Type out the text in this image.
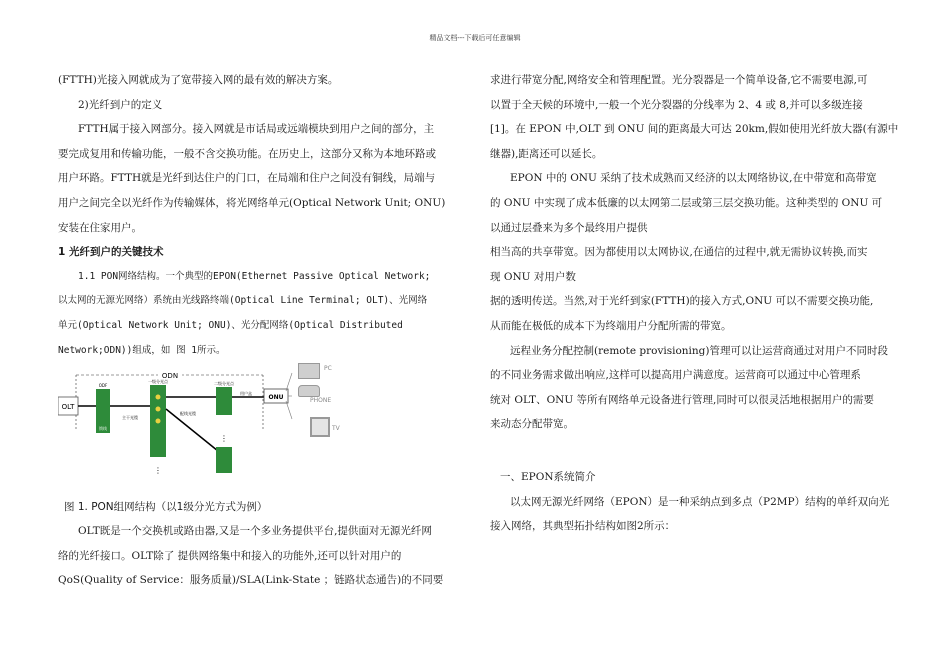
精品文档---下载后可任意编辑

(FTTH)光接入网就成为了宽带接入网的最有效的解决方案。

2)光纤到户的定义

FTTH属于接入网部分。接入网就是市话局或远端模块到用户之间的部分，主

要完成复用和传输功能，一般不含交换功能。在历史上，这部分又称为本地环路或

用户环路。FTTH就是光纤到达住户的门口，在局端和住户之间没有铜线，局端与

用户之间完全以光纤作为传输媒体，将光网络单元(Optical Network Unit; ONU)

安装在住家用户。

1 光纤到户的关键技术

1.1 PON网络结构。一个典型的EPON(Ethernet Passive Optical Network;

以太网的无源光网络）系统由光线路终端(Optical Line Terminal; OLT)、光网络

单元(Optical Network Unit; ONU)、光分配网络(Optical Distributed

Network;ODN))组成，如 图 1所示。

ODN
OLT
ODF
馈线
主干光缆
一级分光点
⋮
配线光缆
二级分光点
⋮
用户盒
ONU
PC
PHONE
TV
图 1. PON组网结构（以1级分光方式为例）

OLT既是一个交换机或路由器,又是一个多业务提供平台,提供面对无源光纤网

络的光纤接口。OLT除了 提供网络集中和接入的功能外,还可以针对用户的

QoS(Quality of Service：服务质量)/SLA(Link-State ；链路状态通告)的不同要

求进行带宽分配,网络安全和管理配置。光分裂器是一个简单设备,它不需要电源,可

以置于全天候的环境中,一般一个光分裂器的分线率为 2、4 或 8,并可以多级连接

[1]。在 EPON 中,OLT 到 ONU 间的距离最大可达 20km,假如使用光纤放大器(有源中

继器),距离还可以延长。

EPON 中的 ONU 采纳了技术成熟而又经济的以太网络协议,在中带宽和高带宽

的 ONU 中实现了成本低廉的以太网第二层或第三层交换功能。这种类型的 ONU 可

以通过层叠来为多个最终用户提供

相当高的共享带宽。因为都使用以太网协议,在通信的过程中,就无需协议转换,而实

现 ONU 对用户数

据的透明传送。当然,对于光纤到家(FTTH)的接入方式,ONU 可以不需要交换功能,

从而能在极低的成本下为终端用户分配所需的带宽。

远程业务分配控制(remote provisioning)管理可以让运营商通过对用户不同时段

的不同业务需求做出响应,这样可以提高用户满意度。运营商可以通过中心管理系

统对 OLT、ONU 等所有网络单元设备进行管理,同时可以很灵活地根据用户的需要

来动态分配带宽。

一、EPON系统简介

以太网无源光纤网络（EPON）是一种采纳点到多点（P2MP）结构的单纤双向光

接入网络，其典型拓扑结构如图2所示：
